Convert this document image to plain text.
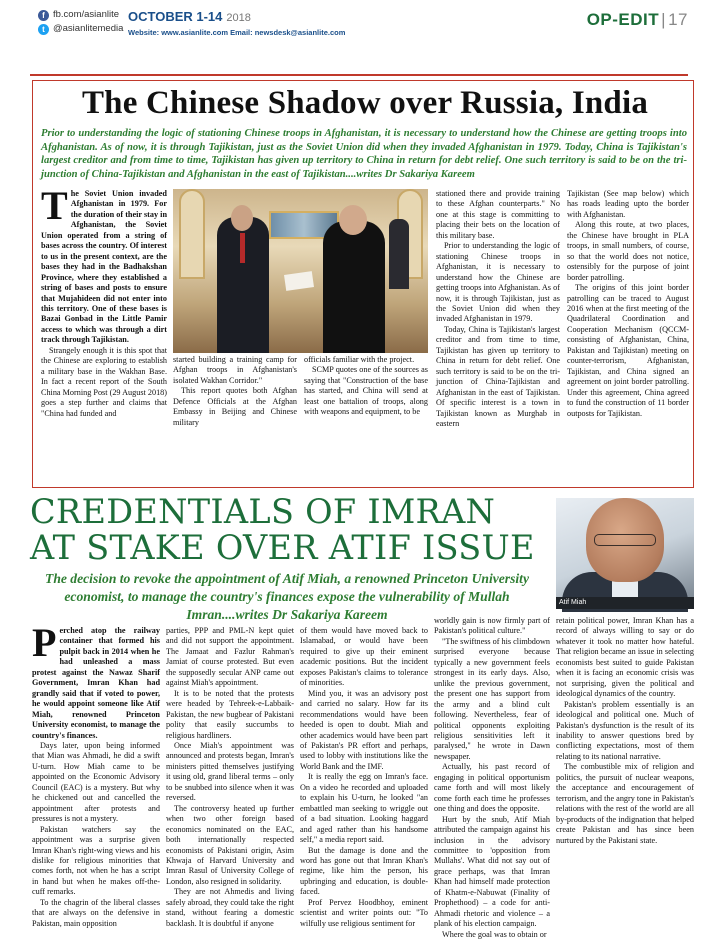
f fb.com/asianlite
t @asianlitemedia
OCTOBER 1-14 2018
Website: www.asianlite.com Email: newsdesk@asianlite.com
OP-EDIT | 17
The Chinese Shadow over Russia, India
Prior to understanding the logic of stationing Chinese troops in Afghanistan, it is necessary to understand how the Chinese are getting troops into Afghanistan. As of now, it is through Tajikistan, just as the Soviet Union did when they invaded Afghanistan in 1979. Today, China is Tajikistan's largest creditor and from time to time, Tajikistan has given up territory to China in return for debt relief. One such territory is said to be on the tri-junction of China-Tajikistan and Afghanistan in the east of Tajikistan....writes Dr Sakariya Kareem

The Soviet Union invaded Afghanistan in 1979. For the duration of their stay in Afghanistan, the Soviet Union operated from a string of bases across the country. Of interest to us in the present context, are the bases they had in the Badhakshan Province, where they established a string of bases and posts to ensure that Mujahideen did not enter into this territory. One of these bases is Bazai Gonbad in the Little Pamir access to which was through a dirt track through Tajikistan.

Strangely enough it is this spot that the Chinese are exploring to establish a military base in the Wakhan Base. In fact a recent report of the South China Morning Post (29 August 2018) goes a step further and claims that "China had funded and

started building a training camp for Afghan troops in Afghanistan's isolated Wakhan Corridor."

This report quotes both Afghan Defence Officials at the Afghan Embassy in Beijing and Chinese military

officials familiar with the project.

SCMP quotes one of the sources as saying that "Construction of the base has started, and China will send at least one battalion of troops, along with weapons and equipment, to be

stationed there and provide training to these Afghan counterparts." No one at this stage is committing to placing their bets on the location of this military base.

Prior to understanding the logic of stationing Chinese troops in Afghanistan, it is necessary to understand how the Chinese are getting troops into Afghanistan. As of now, it is through Tajikistan, just as the Soviet Union did when they invaded Afghanistan in 1979.

Today, China is Tajikistan's largest creditor and from time to time, Tajikistan has given up territory to China in return for debt relief. One such territory is said to be on the tri-junction of China-Tajikistan and Afghanistan in the east of Tajikistan. Of specific interest is a town in Tajikistan known as Murghab in eastern

Tajikistan (See map below) which has roads leading upto the border with Afghanistan.

Along this route, at two places, the Chinese have brought in PLA troops, in small numbers, of course, so that the world does not notice, ostensibly for the purpose of joint border patrolling.

The origins of this joint border patrolling can be traced to August 2016 when at the first meeting of the Quadrilateral Coordination and Cooperation Mechanism (QCCM-consisting of Afghanistan, China, Pakistan and Tajikistan) meeting on counter-terrorism, Afghanistan, Tajikistan, and China signed an agreement on joint border patrolling. Under this agreement, China agreed to fund the construction of 11 border outposts for Tajikistan.

CREDENTIALS OF IMRAN AT STAKE OVER ATIF ISSUE
The decision to revoke the appointment of Atif Miah, a renowned Princeton University economist, to manage the country's finances expose the vulnerability of Mullah Imran....writes Dr Sakariya Kareem
Atif Miah

Perched atop the railway container that formed his pulpit back in 2014 when he had unleashed a mass protest against the Nawaz Sharif Government, Imran Khan had grandly said that if voted to power, he would appoint someone like Atif Miah, renowned Princeton University economist, to manage the country's finances.

Days later, upon being informed that Mian was Ahmadi, he did a swift U-turn. How Miah came to be appointed on the Economic Advisory Council (EAC) is a mystery. But why he chickened out and cancelled the appointment after protests and pressures is not a mystery.

Pakistan watchers say the appointment was a surprise given Imran Khan's right-wing views and his dislike for religious minorities that comes forth, not when he has a script in hand but when he makes off-the-cuff remarks.

To the chagrin of the liberal classes that are always on the defensive in Pakistan, main opposition

parties, PPP and PML-N kept quiet and did not support the appointment. The Jamaat and Fazlur Rahman's Jamiat of course protested. But even the supposedly secular ANP came out against Miah's appointment.

It is to be noted that the protests were headed by Tehreek-e-Labbaik-Pakistan, the new bugbear of Pakistani polity that easily succumbs to religious hardliners.

Once Miah's appointment was announced and protests began, Imran's ministers pitted themselves justifying it using old, grand liberal terms – only to be snubbed into silence when it was reversed.

The controversy heated up further when two other foreign based economics nominated on the EAC, both internationally respected economists of Pakistani origin, Asim Khwaja of Harvard University and Imran Rasul of University College of London, also resigned in solidarity.

They are not Ahmedis and living safely abroad, they could take the right stand, without fearing a domestic backlash. It is doubtful if anyone

of them would have moved back to Islamabad, or would have been required to give up their eminent academic positions. But the incident exposes Pakistan's claims to tolerance of minorities.

Mind you, it was an advisory post and carried no salary. How far its recommendations would have been heeded is open to doubt. Miah and other academics would have been part of Pakistan's PR effort and perhaps, used to lobby with institutions like the World Bank and the IMF.

It is really the egg on Imran's face. On a video he recorded and uploaded to explain his U-turn, he looked "an embattled man seeking to wriggle out of a bad situation. Looking haggard and aged rather than his handsome self," a media report said.

But the damage is done and the word has gone out that Imran Khan's regime, like him the person, his upbringing and education, is double-faced.

Prof Pervez Hoodbhoy, eminent scientist and writer points out: "To wilfully use religious sentiment for

worldly gain is now firmly part of Pakistan's political culture."

"The swiftness of his climbdown surprised everyone because typically a new government feels strongest in its early days. Also, unlike the previous government, the present one has support from the army and a blind cult following. Nevertheless, fear of political opponents exploiting religious sensitivities left it paralysed," he wrote in Dawn newspaper.

Actually, his past record of engaging in political opportunism came forth and will most likely come forth each time he professes one thing and does the opposite.

Hurt by the snub, Atif Miah attributed the campaign against his inclusion in the advisory committee to 'opposition from Mullahs'. What did not say out of grace perhaps, was that Imran Khan had himself made protection of Khatm-e-Nabuwat (Finality of Prophethood) – a code for anti-Ahmadi rhetoric and violence – a plank of his election campaign.

Where the goal was to obtain or

retain political power, Imran Khan has a record of always willing to say or do whatever it took no matter how hateful. That religion became an issue in selecting economists best suited to guide Pakistan when it is facing an economic crisis was not surprising, given the political and ideological dynamics of the country.

Pakistan's problem essentially is an ideological and political one. Much of Pakistan's dysfunction is the result of its inability to answer questions bred by conflicting expectations, most of them relating to its national narrative.

The combustible mix of religion and politics, the pursuit of nuclear weapons, the acceptance and encouragement of terrorism, and the angry tone in Pakistan's relations with the rest of the world are all by-products of the indignation that helped create Pakistan and has since been nurtured by the Pakistani state.
